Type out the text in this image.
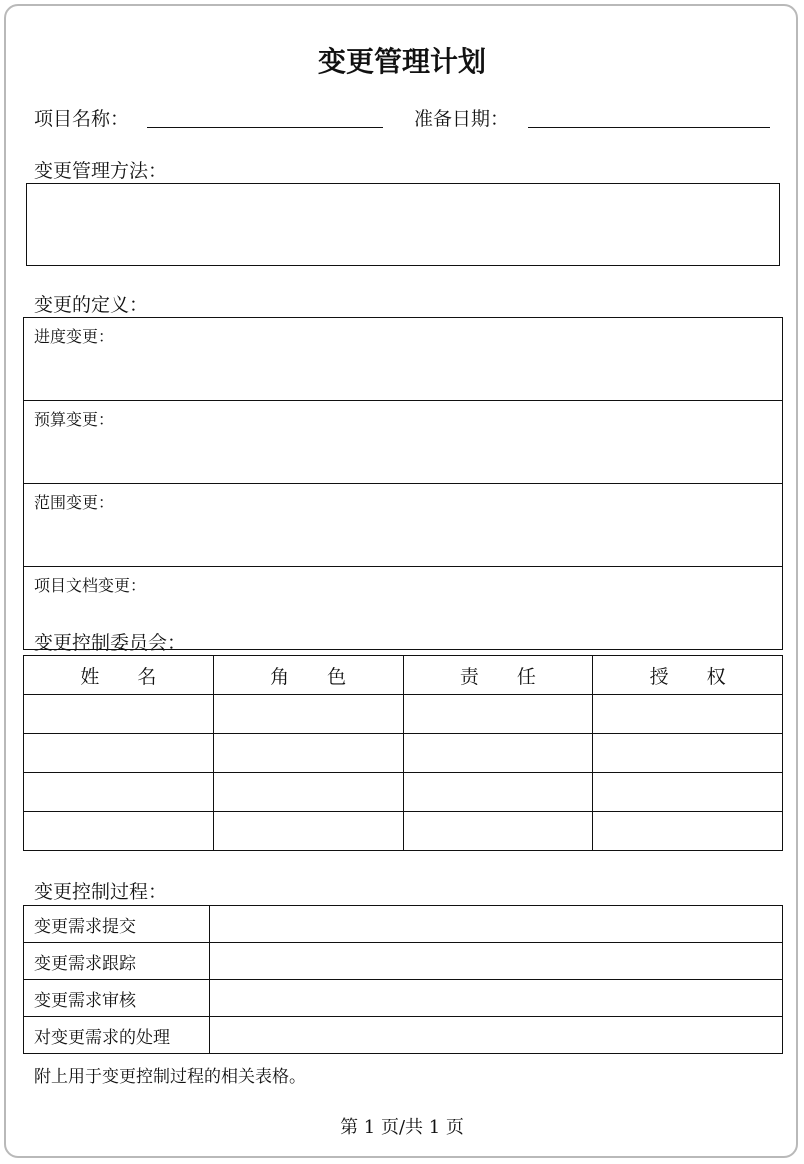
变更管理计划
项目名称：	准备日期：
变更管理方法：
变更的定义：
进度变更：
预算变更：
范围变更：
项目文档变更：
变更控制委员会：
姓　　名	角　　色	责　　任	授　　权

变更控制过程：
变更需求提交	
变更需求跟踪	
变更需求审核	
对变更需求的处理	
附上用于变更控制过程的相关表格。
第 1 页/共 1 页
